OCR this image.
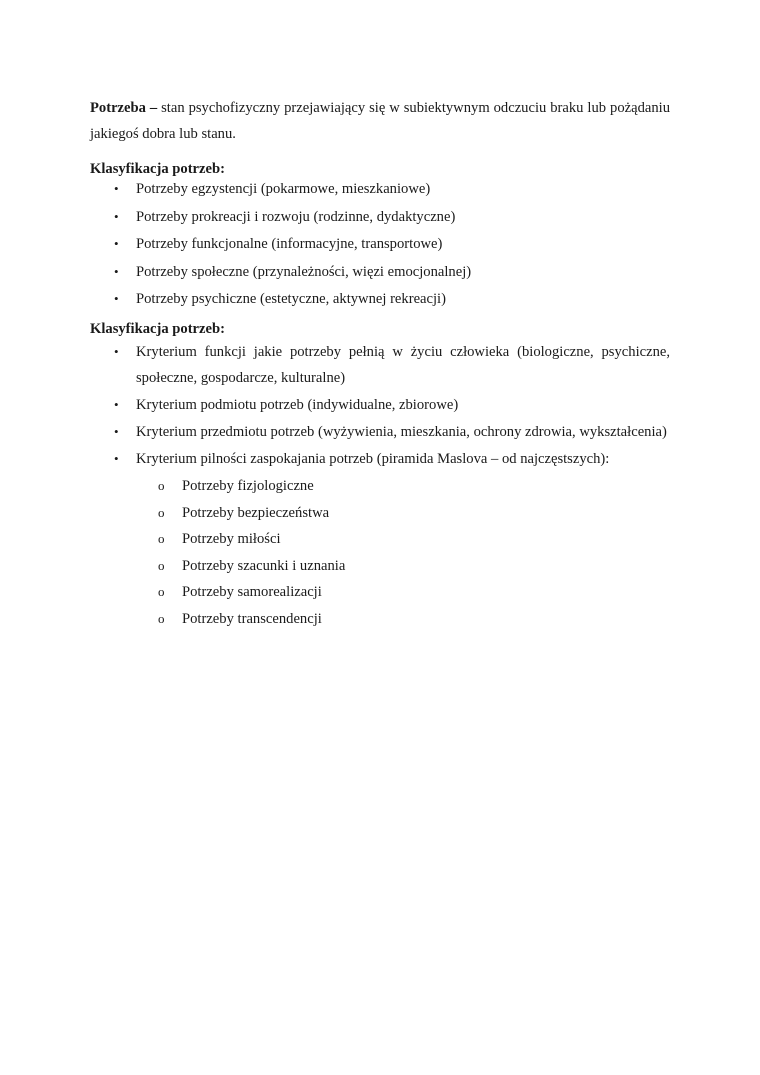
Potrzeba – stan psychofizyczny przejawiający się w subiektywnym odczuciu braku lub pożądaniu jakiegoś dobra lub stanu.

Klasyfikacja potrzeb:

• Potrzeby egzystencji (pokarmowe, mieszkaniowe)
• Potrzeby prokreacji i rozwoju (rodzinne, dydaktyczne)
• Potrzeby funkcjonalne (informacyjne, transportowe)
• Potrzeby społeczne (przynależności, więzi emocjonalnej)
• Potrzeby psychiczne (estetyczne, aktywnej rekreacji)

Klasyfikacja potrzeb:

• Kryterium funkcji jakie potrzeby pełnią w życiu człowieka (biologiczne, psychiczne, społeczne, gospodarcze, kulturalne)
• Kryterium podmiotu potrzeb (indywidualne, zbiorowe)
• Kryterium przedmiotu potrzeb (wyżywienia, mieszkania, ochrony zdrowia, wykształcenia)
• Kryterium pilności zaspokajania potrzeb (piramida Maslova – od najczęstszych):
o Potrzeby fizjologiczne
o Potrzeby bezpieczeństwa
o Potrzeby miłości
o Potrzeby szacunki i uznania
o Potrzeby samorealizacji
o Potrzeby transcendencji
